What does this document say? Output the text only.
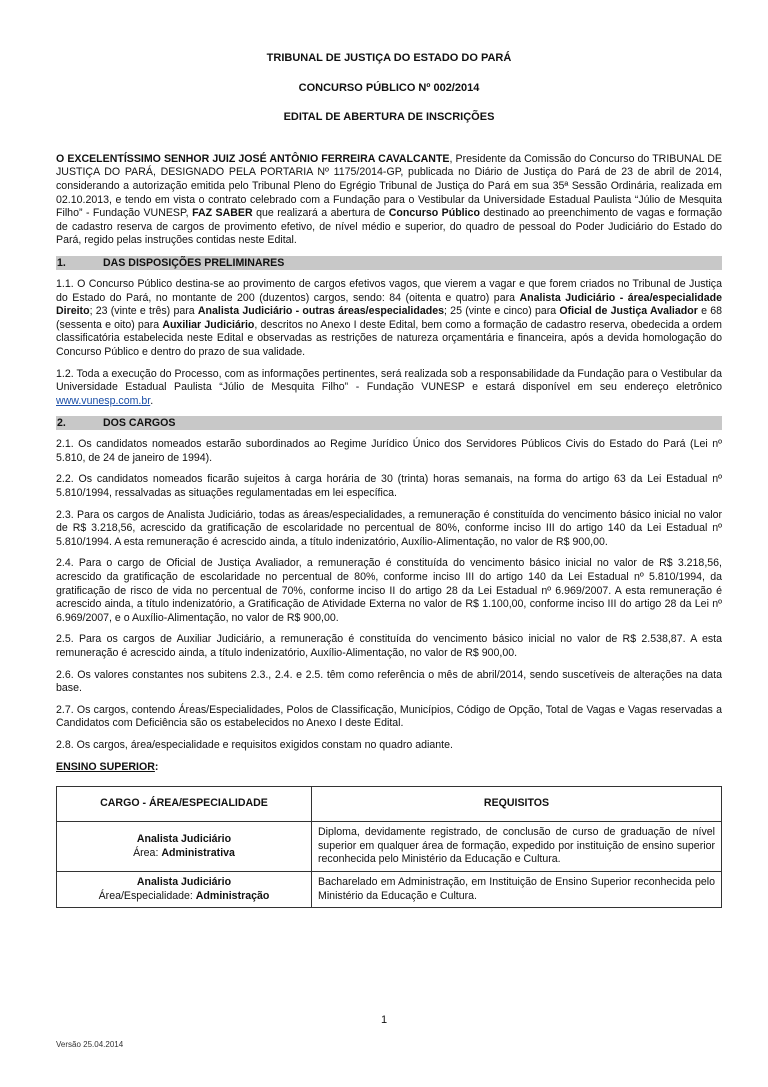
TRIBUNAL DE JUSTIÇA DO ESTADO DO PARÁ
CONCURSO PÚBLICO Nº 002/2014
EDITAL DE ABERTURA DE INSCRIÇÕES

O EXCELENTÍSSIMO SENHOR JUIZ JOSÉ ANTÔNIO FERREIRA CAVALCANTE, Presidente da Comissão do Concurso do TRIBUNAL DE JUSTIÇA DO PARÁ, DESIGNADO PELA PORTARIA Nº 1175/2014-GP, publicada no Diário de Justiça do Pará de 23 de abril de 2014, considerando a autorização emitida pelo Tribunal Pleno do Egrégio Tribunal de Justiça do Pará em sua 35ª Sessão Ordinária, realizada em 02.10.2013, e tendo em vista o contrato celebrado com a Fundação para o Vestibular da Universidade Estadual Paulista “Júlio de Mesquita Filho” - Fundação VUNESP, FAZ SABER que realizará a abertura de Concurso Público destinado ao preenchimento de vagas e formação de cadastro reserva de cargos de provimento efetivo, de nível médio e superior, do quadro de pessoal do Poder Judiciário do Estado do Pará, regido pelas instruções contidas neste Edital.

1.	DAS DISPOSIÇÕES PRELIMINARES

1.1. O Concurso Público destina-se ao provimento de cargos efetivos vagos, que vierem a vagar e que forem criados no Tribunal de Justiça do Estado do Pará, no montante de 200 (duzentos) cargos, sendo: 84 (oitenta e quatro) para Analista Judiciário - área/especialidade Direito; 23 (vinte e três) para Analista Judiciário - outras áreas/especialidades; 25 (vinte e cinco) para Oficial de Justiça Avaliador e 68 (sessenta e oito) para Auxiliar Judiciário, descritos no Anexo I deste Edital, bem como a formação de cadastro reserva, obedecida a ordem classificatória estabelecida neste Edital e observadas as restrições de natureza orçamentária e financeira, após a devida homologação do Concurso Público e dentro do prazo de sua validade.

1.2. Toda a execução do Processo, com as informações pertinentes, será realizada sob a responsabilidade da Fundação para o Vestibular da Universidade Estadual Paulista “Júlio de Mesquita Filho” - Fundação VUNESP e estará disponível em seu endereço eletrônico www.vunesp.com.br.

2.	DOS CARGOS

2.1. Os candidatos nomeados estarão subordinados ao Regime Jurídico Único dos Servidores Públicos Civis do Estado do Pará (Lei nº 5.810, de 24 de janeiro de 1994).

2.2. Os candidatos nomeados ficarão sujeitos à carga horária de 30 (trinta) horas semanais, na forma do artigo 63 da Lei Estadual nº 5.810/1994, ressalvadas as situações regulamentadas em lei específica.

2.3. Para os cargos de Analista Judiciário, todas as áreas/especialidades, a remuneração é constituída do vencimento básico inicial no valor de R$ 3.218,56, acrescido da gratificação de escolaridade no percentual de 80%, conforme inciso III do artigo 140 da Lei Estadual nº 5.810/1994. A esta remuneração é acrescido ainda, a título indenizatório, Auxílio-Alimentação, no valor de R$ 900,00.

2.4. Para o cargo de Oficial de Justiça Avaliador, a remuneração é constituída do vencimento básico inicial no valor de R$ 3.218,56, acrescido da gratificação de escolaridade no percentual de 80%, conforme inciso III do artigo 140 da Lei Estadual nº 5.810/1994, da gratificação de risco de vida no percentual de 70%, conforme inciso II do artigo 28 da Lei Estadual nº 6.969/2007. A esta remuneração é acrescido ainda, a título indenizatório, a Gratificação de Atividade Externa no valor de R$ 1.100,00, conforme inciso III do artigo 28 da Lei nº 6.969/2007, e o Auxílio-Alimentação, no valor de R$ 900,00.

2.5. Para os cargos de Auxiliar Judiciário, a remuneração é constituída do vencimento básico inicial no valor de R$ 2.538,87. A esta remuneração é acrescido ainda, a título indenizatório, Auxílio-Alimentação, no valor de R$ 900,00.

2.6. Os valores constantes nos subitens 2.3., 2.4. e 2.5. têm como referência o mês de abril/2014, sendo suscetíveis de alterações na data base.

2.7. Os cargos, contendo Áreas/Especialidades, Polos de Classificação, Municípios, Código de Opção, Total de Vagas e Vagas reservadas a Candidatos com Deficiência são os estabelecidos no Anexo I deste Edital.

2.8. Os cargos, área/especialidade e requisitos exigidos constam no quadro adiante.

ENSINO SUPERIOR:
CARGO - ÁREA/ESPECIALIDADE	REQUISITOS

Analista Judiciário
Área: Administrativa	Diploma, devidamente registrado, de conclusão de curso de graduação de nível superior em qualquer área de formação, expedido por instituição de ensino superior reconhecida pelo Ministério da Educação e Cultura.

Analista Judiciário
Área/Especialidade: Administração	Bacharelado em Administração, em Instituição de Ensino Superior reconhecida pelo Ministério da Educação e Cultura.
1
Versão 25.04.2014
